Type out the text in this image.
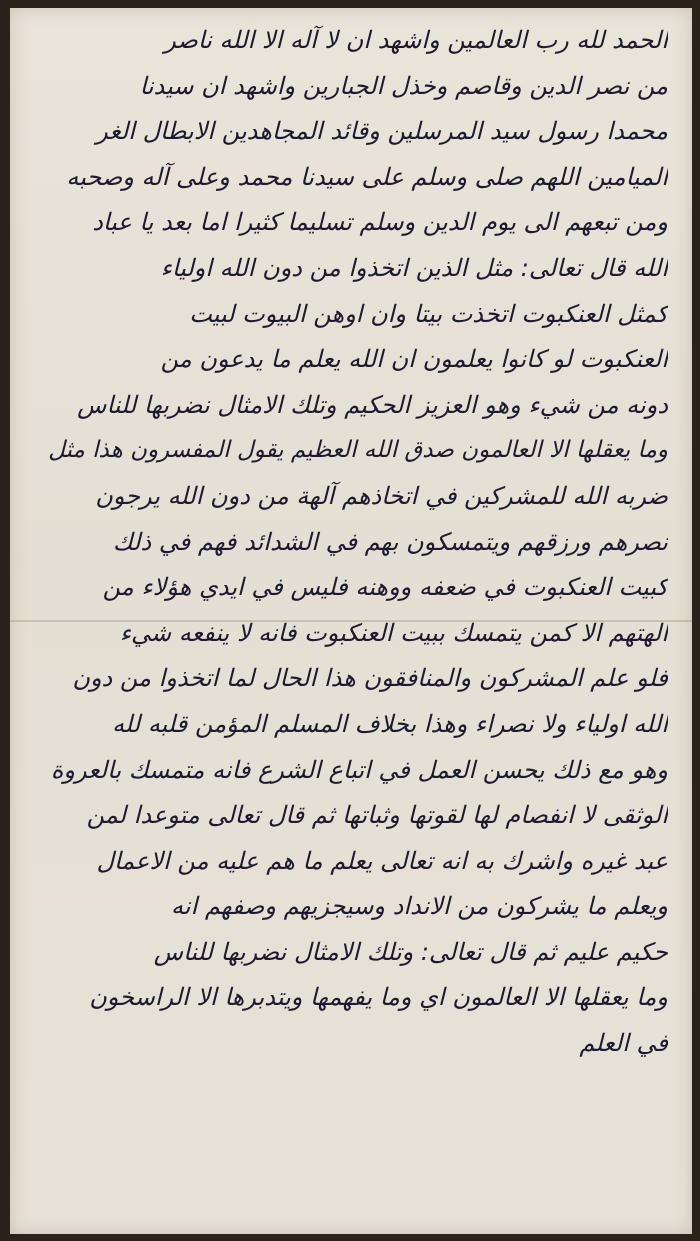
الحمد لله رب العالمين واشهد ان لا آله الا الله ناصر
من نصر الدين وقاصم وخذل الجبارين واشهد ان سيدنا
محمدا رسول سيد المرسلين وقائد المجاهدين الابطال الغر
الميامين اللهم صلى وسلم على سيدنا محمد وعلى آله وصحبه
ومن تبعهم الى يوم الدين وسلم تسليما كثيرا اما بعد يا عباد
الله قال تعالى: مثل الذين اتخذوا من دون الله اولياء
كمثل العنكبوت اتخذت بيتا وان اوهن البيوت لبيت
العنكبوت لو كانوا يعلمون ان الله يعلم ما يدعون من
دونه من شيء وهو العزيز الحكيم وتلك الامثال نضربها للناس
وما يعقلها الا العالمون صدق الله العظيم يقول المفسرون هذا مثل
ضربه الله للمشركين في اتخاذهم آلهة من دون الله يرجون
نصرهم ورزقهم ويتمسكون بهم في الشدائد فهم في ذلك
كبيت العنكبوت في ضعفه ووهنه فليس في ايدي هؤلاء من
الهتهم الا كمن يتمسك ببيت العنكبوت فانه لا ينفعه شيء
فلو علم المشركون والمنافقون هذا الحال لما اتخذوا من دون
الله اولياء ولا نصراء وهذا بخلاف المسلم المؤمن قلبه لله
وهو مع ذلك يحسن العمل في اتباع الشرع فانه متمسك بالعروة
الوثقى لا انفصام لها لقوتها وثباتها ثم قال تعالى متوعدا لمن
عبد غيره واشرك به انه تعالى يعلم ما هم عليه من الاعمال
ويعلم ما يشركون من الانداد وسيجزيهم وصفهم انه
حكيم عليم ثم قال تعالى: وتلك الامثال نضربها للناس
وما يعقلها الا العالمون اي وما يفهمها ويتدبرها الا الراسخون
في العلم
